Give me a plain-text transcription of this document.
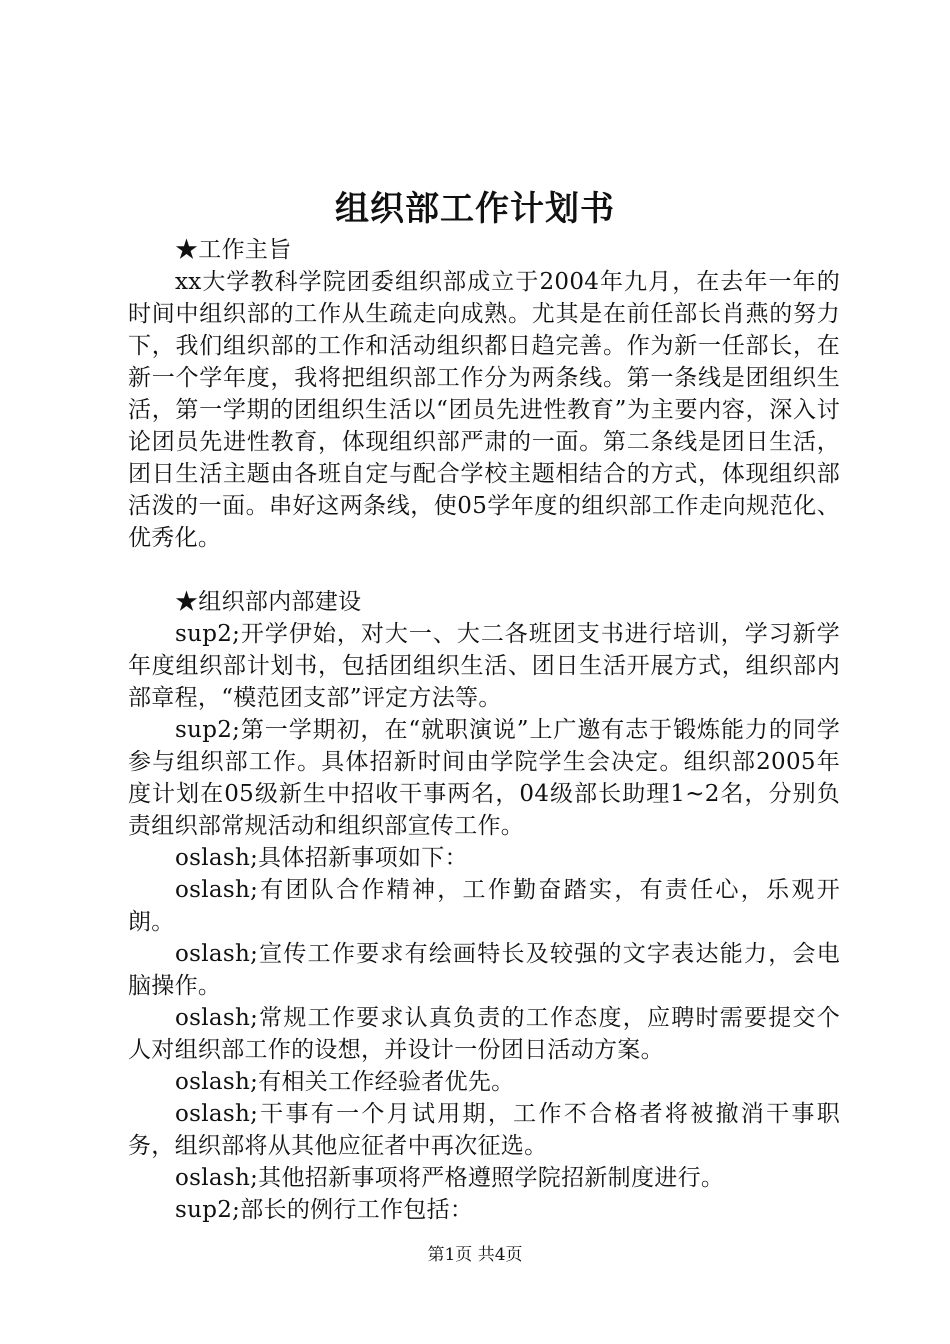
组织部工作计划书

★工作主旨

xx大学教科学院团委组织部成立于2004年九月，在去年一年的时间中组织部的工作从生疏走向成熟。尤其是在前任部长肖燕的努力下，我们组织部的工作和活动组织都日趋完善。作为新一任部长，在新一个学年度，我将把组织部工作分为两条线。第一条线是团组织生活，第一学期的团组织生活以“团员先进性教育”为主要内容，深入讨论团员先进性教育，体现组织部严肃的一面。第二条线是团日生活，团日生活主题由各班自定与配合学校主题相结合的方式，体现组织部活泼的一面。串好这两条线，使05学年度的组织部工作走向规范化、优秀化。

★组织部内部建设

sup2;开学伊始，对大一、大二各班团支书进行培训，学习新学年度组织部计划书，包括团组织生活、团日生活开展方式，组织部内部章程，“模范团支部”评定方法等。

sup2;第一学期初，在“就职演说”上广邀有志于锻炼能力的同学参与组织部工作。具体招新时间由学院学生会决定。组织部2005年度计划在05级新生中招收干事两名，04级部长助理1~2名，分别负责组织部常规活动和组织部宣传工作。

oslash;具体招新事项如下：

oslash;有团队合作精神，工作勤奋踏实，有责任心，乐观开朗。

oslash;宣传工作要求有绘画特长及较强的文字表达能力，会电脑操作。

oslash;常规工作要求认真负责的工作态度，应聘时需要提交个人对组织部工作的设想，并设计一份团日活动方案。

oslash;有相关工作经验者优先。

oslash;干事有一个月试用期，工作不合格者将被撤消干事职务，组织部将从其他应征者中再次征选。

oslash;其他招新事项将严格遵照学院招新制度进行。

sup2;部长的例行工作包括：

第1页 共4页
